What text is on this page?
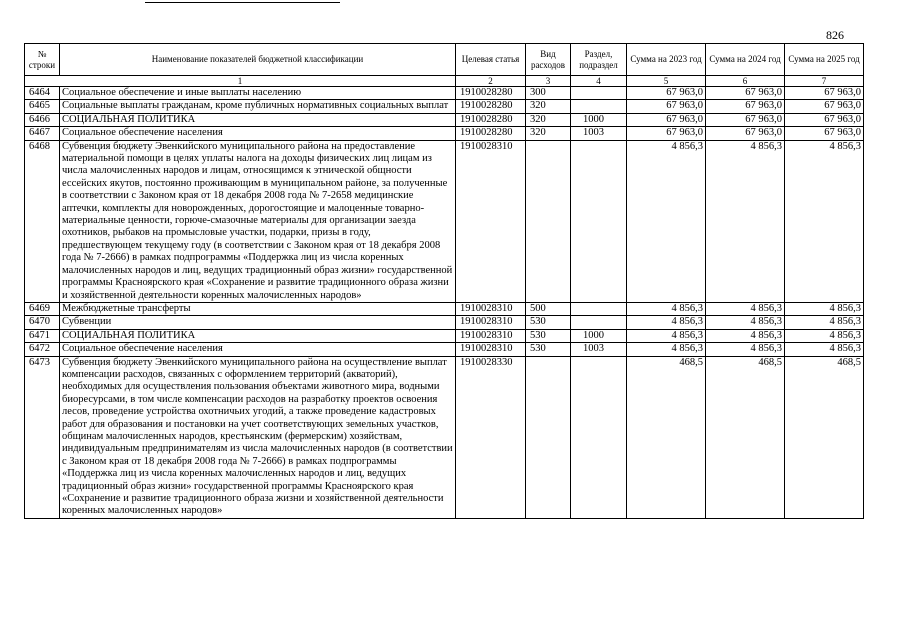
826
№ строки	Наименование показателей бюджетной классификации	Целевая статья	Вид расходов	Раздел, подраздел	Сумма на 2023 год	Сумма на 2024 год	Сумма на 2025 год
1		2	3	4	5	6	7
6464	Социальное обеспечение и иные выплаты населению	1910028280	300		67 963,0	67 963,0	67 963,0
6465	Социальные выплаты гражданам, кроме публичных нормативных социальных выплат	1910028280	320		67 963,0	67 963,0	67 963,0
6466	СОЦИАЛЬНАЯ ПОЛИТИКА	1910028280	320	1000	67 963,0	67 963,0	67 963,0
6467	Социальное обеспечение населения	1910028280	320	1003	67 963,0	67 963,0	67 963,0
6468	Субвенция бюджету Эвенкийского муниципального района на предоставление материальной помощи в целях уплаты налога на доходы физических лиц лицам из числа малочисленных народов и лицам, относящимся к этнической общности ессейских якутов, постоянно проживающим в муниципальном районе, за полученные в соответствии с Законом края от 18 декабря 2008 года № 7-2658 медицинские аптечки, комплекты для новорожденных, дорогостоящие и малоценные товарно-материальные ценности, горюче-смазочные материалы для организации заезда охотников, рыбаков на промысловые участки, подарки, призы в году, предшествующем текущему году (в соответствии с Законом края от 18 декабря 2008 года № 7-2666) в рамках подпрограммы «Поддержка лиц из числа коренных малочисленных народов и лиц, ведущих традиционный образ жизни» государственной программы Красноярского края «Сохранение и развитие традиционного образа жизни и хозяйственной деятельности коренных малочисленных народов»	1910028310			4 856,3	4 856,3	4 856,3
6469	Межбюджетные трансферты	1910028310	500		4 856,3	4 856,3	4 856,3
6470	Субвенции	1910028310	530		4 856,3	4 856,3	4 856,3
6471	СОЦИАЛЬНАЯ ПОЛИТИКА	1910028310	530	1000	4 856,3	4 856,3	4 856,3
6472	Социальное обеспечение населения	1910028310	530	1003	4 856,3	4 856,3	4 856,3
6473	Субвенция бюджету Эвенкийского муниципального района на осуществление выплат компенсации расходов, связанных с оформлением территорий (акваторий), необходимых для осуществления пользования объектами животного мира, водными биоресурсами, в том числе компенсации расходов на разработку проектов освоения лесов, проведение устройства охотничьих угодий, а также проведение кадастровых работ для образования и постановки на учет соответствующих земельных участков, общинам малочисленных народов, крестьянским (фермерским) хозяйствам, индивидуальным предпринимателям из числа малочисленных народов (в соответствии с Законом края от 18 декабря 2008 года № 7-2666) в рамках подпрограммы «Поддержка лиц из числа коренных малочисленных народов и лиц, ведущих традиционный образ жизни» государственной программы Красноярского края «Сохранение и развитие традиционного образа жизни и хозяйственной деятельности коренных малочисленных народов»	1910028330			468,5	468,5	468,5
